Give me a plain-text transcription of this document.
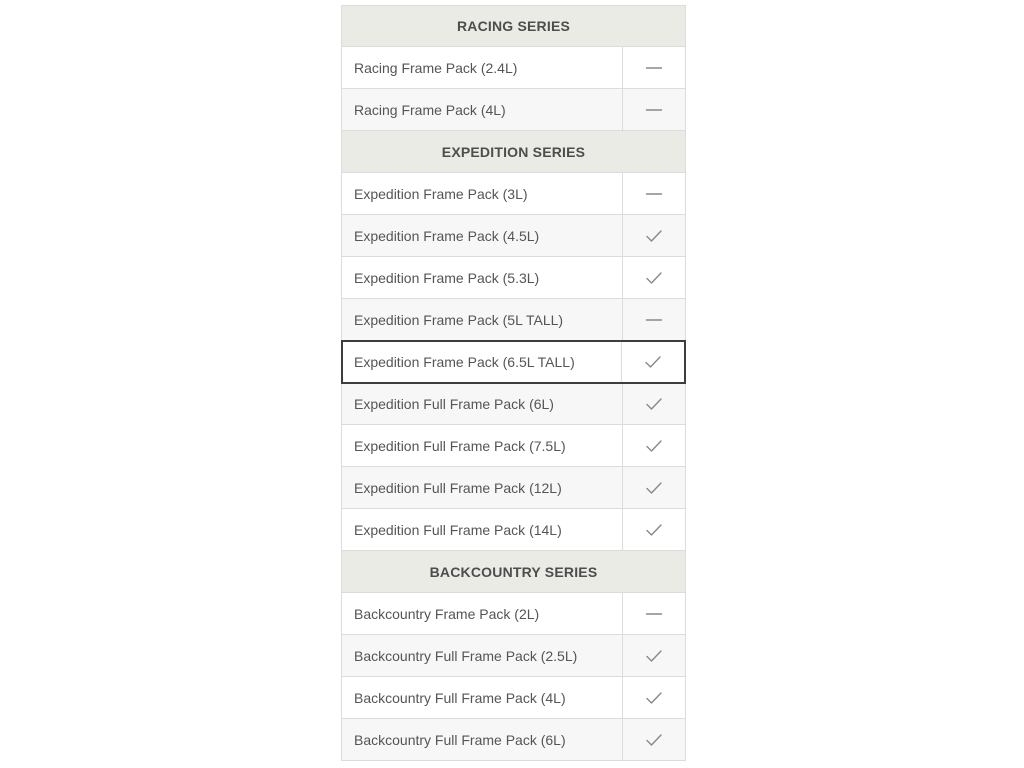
RACING SERIES
Racing Frame Pack (2.4L)
Racing Frame Pack (4L)
EXPEDITION SERIES
Expedition Frame Pack (3L)
Expedition Frame Pack (4.5L)
Expedition Frame Pack (5.3L)
Expedition Frame Pack (5L TALL)
Expedition Frame Pack (6.5L TALL)
Expedition Full Frame Pack (6L)
Expedition Full Frame Pack (7.5L)
Expedition Full Frame Pack (12L)
Expedition Full Frame Pack (14L)
BACKCOUNTRY SERIES
Backcountry Frame Pack (2L)
Backcountry Full Frame Pack (2.5L)
Backcountry Full Frame Pack (4L)
Backcountry Full Frame Pack (6L)
